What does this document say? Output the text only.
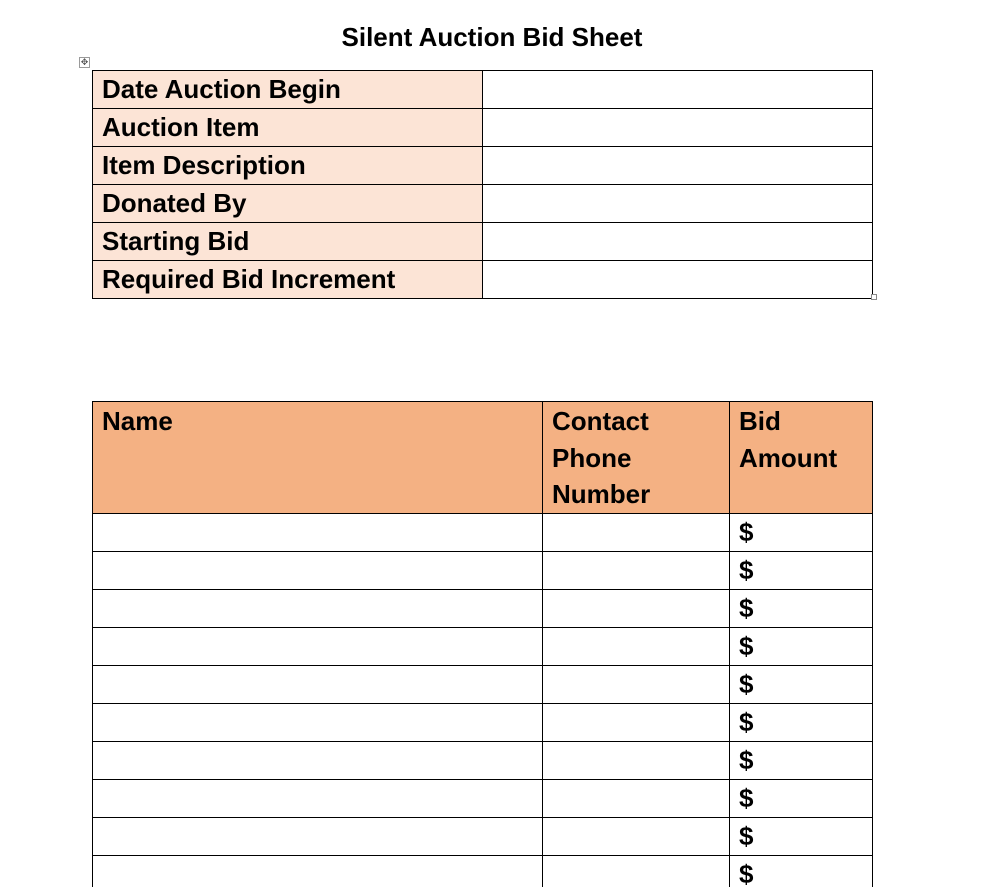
Silent Auction Bid Sheet
✥
Date Auction Begin	
Auction Item	
Item Description	
Donated By	
Starting Bid	
Required Bid Increment	
Name	Contact
Phone
Number	Bid
Amount
		$
		$
		$
		$
		$
		$
		$
		$
		$
		$
